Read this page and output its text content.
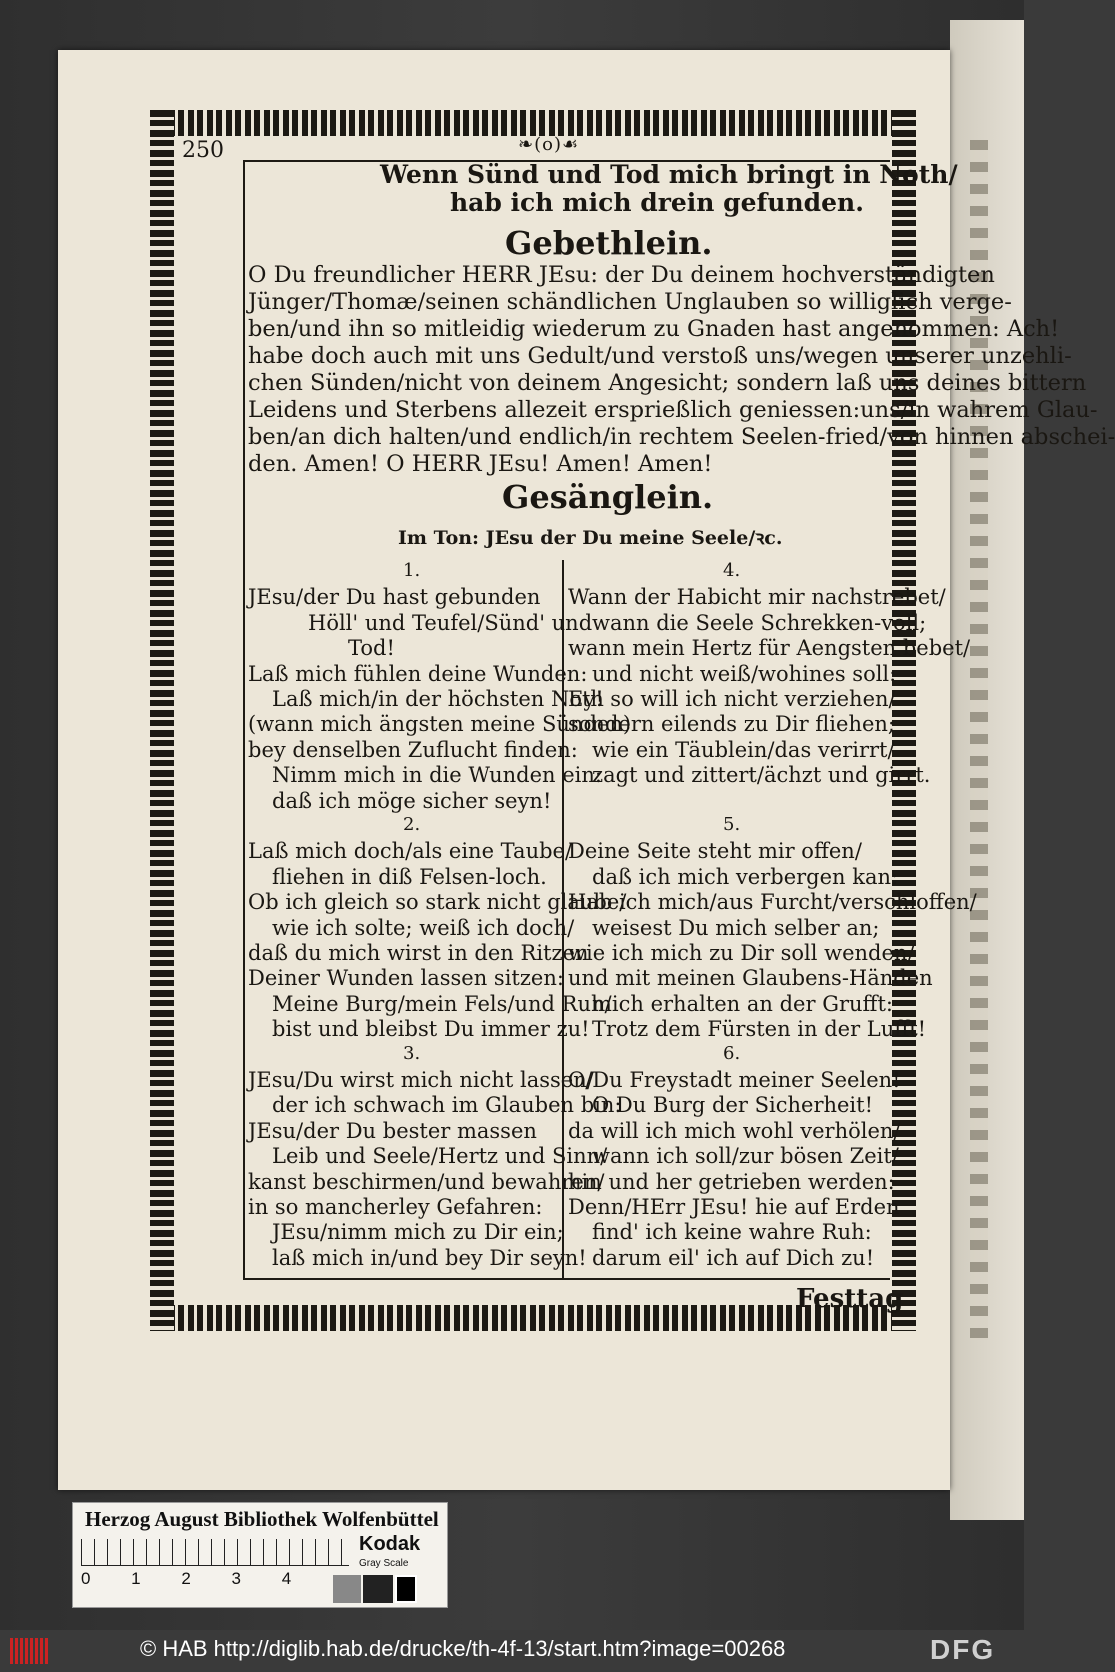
250	❧(o)☙
Wenn Sünd und Tod mich bringt in Noth/
hab ich mich drein gefunden.
Gebethlein.
O Du freundlicher HERR JEsu: der Du deinem hochverständigten
Jünger/Thomæ/seinen schändlichen Unglauben so williglich verge-
ben/und ihn so mitleidig wiederum zu Gnaden hast angenommen: Ach!
habe doch auch mit uns Gedult/und verstoß uns/wegen unserer unzehli-
chen Sünden/nicht von deinem Angesicht; sondern laß uns deines bittern
Leidens und Sterbens allezeit ersprießlich geniessen:uns/in wahrem Glau-
ben/an dich halten/und endlich/in rechtem Seelen-fried/von hinnen abschei-
den. Amen! O HERR JEsu! Amen! Amen!
Gesänglein.
Im Ton: JEsu der Du meine Seele/ꝛc.
1.
JEsu/der Du hast gebunden
Höll' und Teufel/Sünd' und
Tod!
Laß mich fühlen deine Wunden:
Laß mich/in der höchsten Noth
(wann mich ängsten meine Sünden)
bey denselben Zuflucht finden:
Nimm mich in die Wunden ein:
daß ich möge sicher seyn!
2.
Laß mich doch/als eine Taube/
fliehen in diß Felsen-loch.
Ob ich gleich so stark nicht glaube/
wie ich solte; weiß ich doch/
daß du mich wirst in den Ritzen
Deiner Wunden lassen sitzen:
Meine Burg/mein Fels/und Ruh/
bist und bleibst Du immer zu!
3.
JEsu/Du wirst mich nicht lassen/
der ich schwach im Glauben bin:
JEsu/der Du bester massen
Leib und Seele/Hertz und Sinn/
kanst beschirmen/und bewahren/
in so mancherley Gefahren:
JEsu/nimm mich zu Dir ein;
laß mich in/und bey Dir seyn!
4.
Wann der Habicht mir nachstrebet/
wann die Seele Schrekken-voll;
wann mein Hertz für Aengsten bebet/
und nicht weiß/wohines soll:
Ey! so will ich nicht verziehen/
sondern eilends zu Dir fliehen;
wie ein Täublein/das verirrt/
zagt und zittert/ächzt und girrt.
5.
Deine Seite steht mir offen/
daß ich mich verbergen kan:
Hab ich mich/aus Furcht/verschloffen/
weisest Du mich selber an;
wie ich mich zu Dir soll wenden/
und mit meinen Glaubens-Händen
mich erhalten an der Grufft:
Trotz dem Fürsten in der Lufft!
6.
O/Du Freystadt meiner Seelen!
O Du Burg der Sicherheit!
da will ich mich wohl verhölen/
wann ich soll/zur bösen Zeit/
hin und her getrieben werden:
Denn/HErr JEsu! hie auf Erden
find' ich keine wahre Ruh:
darum eil' ich auf Dich zu!
Festtag
Herzog August Bibliothek Wolfenbüttel
0 1 2 3 4
Kodak
Gray Scale
© HAB http://diglib.hab.de/drucke/th-4f-13/start.htm?image=00268	DFG
